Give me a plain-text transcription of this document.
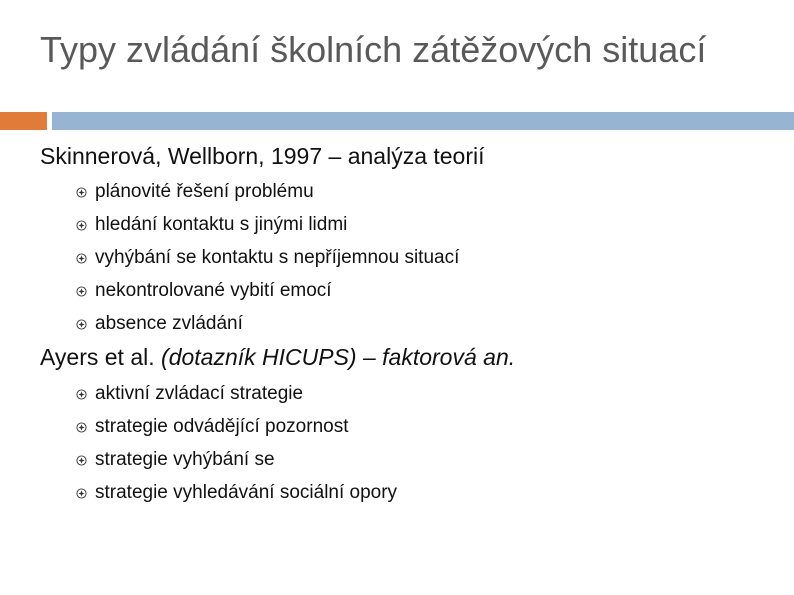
Typy zvládání školních zátěžových situací

Skinnerová, Wellborn, 1997 – analýza teorií

plánovité řešení problému
hledání kontaktu s jinými lidmi
vyhýbání se kontaktu s nepříjemnou situací
nekontrolované vybití emocí
absence zvládání

Ayers et al. (dotazník HICUPS) – faktorová an.

aktivní zvládací strategie
strategie odvádějící pozornost
strategie vyhýbání se
strategie vyhledávání sociální opory
